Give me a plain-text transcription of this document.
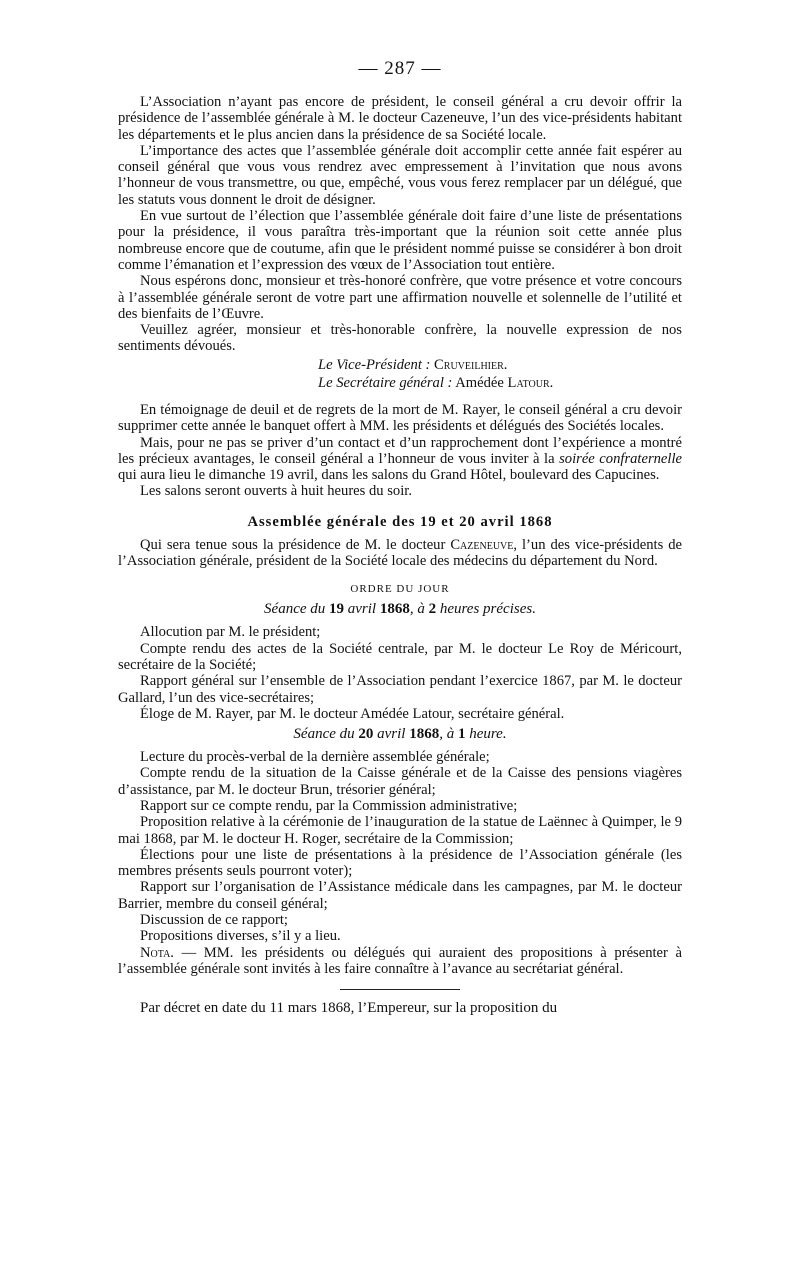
— 287 —

L’Association n’ayant pas encore de président, le conseil général a cru devoir offrir la présidence de l’assemblée générale à M. le docteur Cazeneuve, l’un des vice-présidents habitant les départements et le plus ancien dans la présidence de sa Société locale.

L’importance des actes que l’assemblée générale doit accomplir cette année fait espérer au conseil général que vous vous rendrez avec empressement à l’invitation que nous avons l’honneur de vous transmettre, ou que, empêché, vous vous ferez remplacer par un délégué, que les statuts vous donnent le droit de désigner.

En vue surtout de l’élection que l’assemblée générale doit faire d’une liste de présentations pour la présidence, il vous paraîtra très-important que la réunion soit cette année plus nombreuse encore que de coutume, afin que le président nommé puisse se considérer à bon droit comme l’émanation et l’expression des vœux de l’Association tout entière.

Nous espérons donc, monsieur et très-honoré confrère, que votre présence et votre concours à l’assemblée générale seront de votre part une affirmation nouvelle et solennelle de l’utilité et des bienfaits de l’Œuvre.

Veuillez agréer, monsieur et très-honorable confrère, la nouvelle expression de nos sentiments dévoués.

Le Vice-Président : Cruveilhier.
Le Secrétaire général : Amédée Latour.

En témoignage de deuil et de regrets de la mort de M. Rayer, le conseil général a cru devoir supprimer cette année le banquet offert à MM. les présidents et délégués des Sociétés locales.

Mais, pour ne pas se priver d’un contact et d’un rapprochement dont l’expérience a montré les précieux avantages, le conseil général a l’honneur de vous inviter à la soirée confraternelle qui aura lieu le dimanche 19 avril, dans les salons du Grand Hôtel, boulevard des Capucines.

Les salons seront ouverts à huit heures du soir.

Assemblée générale des 19 et 20 avril 1868

Qui sera tenue sous la présidence de M. le docteur Cazeneuve, l’un des vice-présidents de l’Association générale, président de la Société locale des médecins du département du Nord.

ORDRE DU JOUR
Séance du 19 avril 1868, à 2 heures précises.

Allocution par M. le président;

Compte rendu des actes de la Société centrale, par M. le docteur Le Roy de Méricourt, secrétaire de la Société;

Rapport général sur l’ensemble de l’Association pendant l’exercice 1867, par M. le docteur Gallard, l’un des vice-secrétaires;

Éloge de M. Rayer, par M. le docteur Amédée Latour, secrétaire général.

Séance du 20 avril 1868, à 1 heure.

Lecture du procès-verbal de la dernière assemblée générale;

Compte rendu de la situation de la Caisse générale et de la Caisse des pensions viagères d’assistance, par M. le docteur Brun, trésorier général;

Rapport sur ce compte rendu, par la Commission administrative;

Proposition relative à la cérémonie de l’inauguration de la statue de Laënnec à Quimper, le 9 mai 1868, par M. le docteur H. Roger, secrétaire de la Commission;

Élections pour une liste de présentations à la présidence de l’Association générale (les membres présents seuls pourront voter);

Rapport sur l’organisation de l’Assistance médicale dans les campagnes, par M. le docteur Barrier, membre du conseil général;

Discussion de ce rapport;

Propositions diverses, s’il y a lieu.

Nota. — MM. les présidents ou délégués qui auraient des propositions à présenter à l’assemblée générale sont invités à les faire connaître à l’avance au secrétariat général.

Par décret en date du 11 mars 1868, l’Empereur, sur la proposition du
